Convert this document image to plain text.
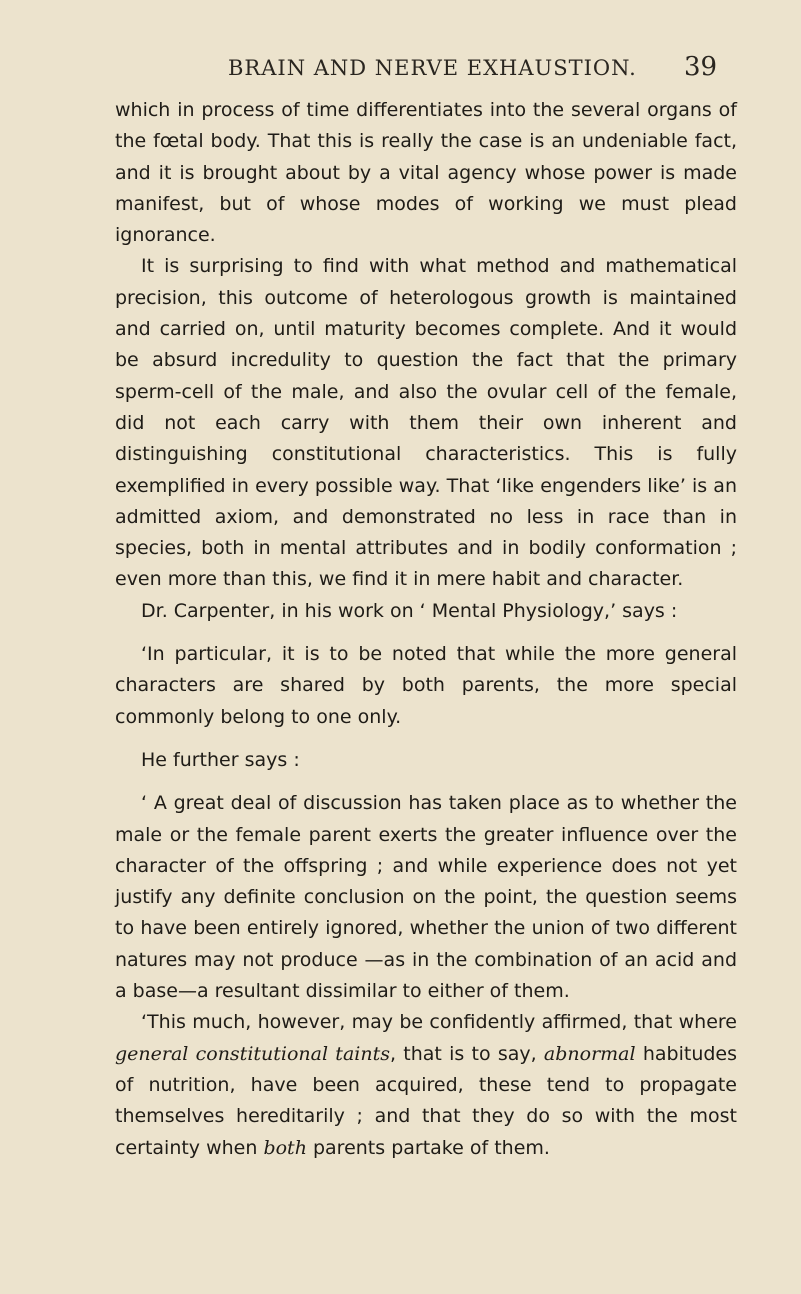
BRAIN AND NERVE EXHAUSTION. 39

which in process of time differentiates into the several organs of the fœtal body. That this is really the case is an undeniable fact, and it is brought about by a vital agency whose power is made manifest, but of whose modes of working we must plead ignorance.

It is surprising to find with what method and mathematical precision, this outcome of heterologous growth is maintained and carried on, until maturity becomes complete. And it would be absurd incredulity to question the fact that the primary sperm-cell of the male, and also the ovular cell of the female, did not each carry with them their own inherent and distinguishing constitutional characteristics. This is fully exemplified in every possible way. That ‘like engenders like’ is an admitted axiom, and demonstrated no less in race than in species, both in mental attributes and in bodily conformation ; even more than this, we find it in mere habit and character.

Dr. Carpenter, in his work on ‘ Mental Physiology,’ says :

‘In particular, it is to be noted that while the more general characters are shared by both parents, the more special commonly belong to one only.

He further says :

‘ A great deal of discussion has taken place as to whether the male or the female parent exerts the greater influence over the character of the offspring ; and while experience does not yet justify any definite conclusion on the point, the question seems to have been entirely ignored, whether the union of two different natures may not produce —as in the combination of an acid and a base—a resultant dissimilar to either of them.

‘This much, however, may be confidently affirmed, that where general constitutional taints, that is to say, abnormal habitudes of nutrition, have been acquired, these tend to propagate themselves hereditarily ; and that they do so with the most certainty when both parents partake of them.
